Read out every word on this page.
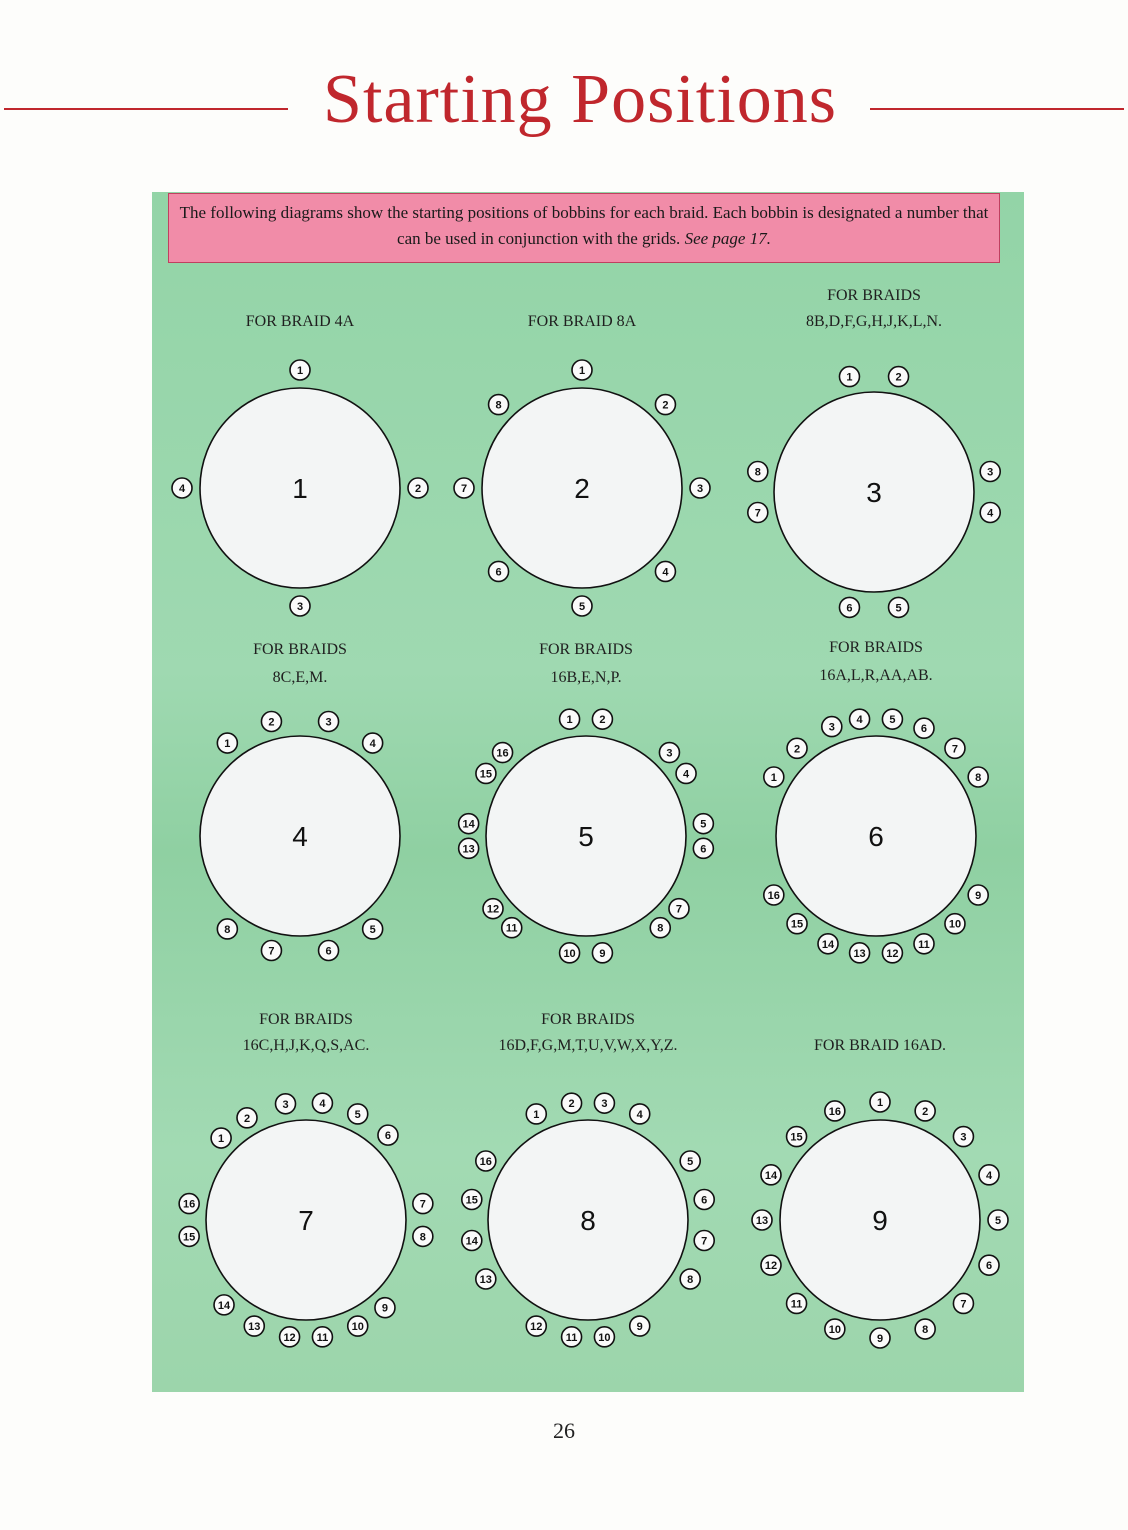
Starting Positions
The following diagrams show the starting positions of bobbins for each braid. Each bobbin is designated a number that can be used in conjunction with the grids. See page 17.
FOR BRAID 4A
1
1
2
3
4
FOR BRAID 8A
2
1
2
3
4
5
6
7
8
FOR BRAIDS
8B,D,F,G,H,J,K,L,N.
3
1	2
3
4
5
6
7
8
FOR BRAIDS
8C,E,M.
4
1
2	3
4
5
6
7
8
FOR BRAIDS
16B,E,N,P.
5
1 2
3
4
5
6
7
8
9
10
11
12
13
14
15
16
FOR BRAIDS
16A,L,R,AA,AB.
6
1
2
3
4 5
6
7
8
9
10
11
12
13
14
15
16
FOR BRAIDS
16C,H,J,K,Q,S,AC.
7
1
2
3	4
5
6
7
8
9
10
11
12
13
14
15
16
FOR BRAIDS
16D,F,G,M,T,U,V,W,X,Y,Z.
8
1
2 3
4
5
6
7
8
9
10
11
12
13
14
15
16
FOR BRAID 16AD.
9
1
2
3
4
5
6
7
8
9
10
11
12
13
14
15
16
26
